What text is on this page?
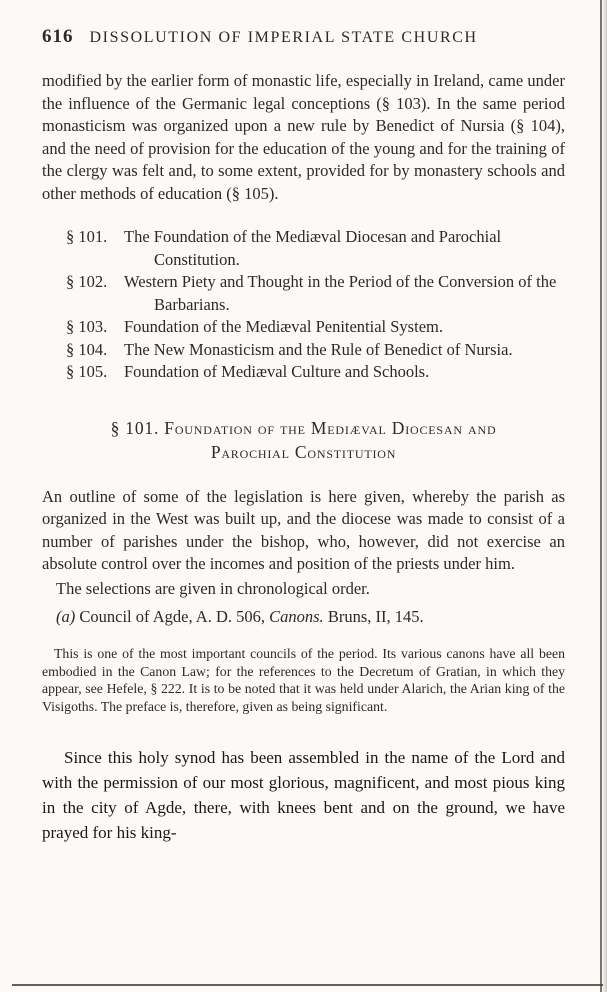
616 DISSOLUTION OF IMPERIAL STATE CHURCH

modified by the earlier form of monastic life, especially in Ireland, came under the influence of the Germanic legal conceptions (§ 103). In the same period monasticism was organized upon a new rule by Benedict of Nursia (§ 104), and the need of provision for the education of the young and for the training of the clergy was felt and, to some extent, provided for by monastery schools and other methods of education (§ 105).

§ 101.	The Foundation of the Mediæval Diocesan and Parochial Constitution.
§ 102.	Western Piety and Thought in the Period of the Conversion of the Barbarians.
§ 103.	Foundation of the Mediæval Penitential System.
§ 104.	The New Monasticism and the Rule of Benedict of Nursia.
§ 105.	Foundation of Mediæval Culture and Schools.
§ 101. Foundation of the Mediæval Diocesan and Parochial Constitution

An outline of some of the legislation is here given, whereby the parish as organized in the West was built up, and the diocese was made to consist of a number of parishes under the bishop, who, however, did not exercise an absolute control over the incomes and position of the priests under him.

The selections are given in chronological order.

(a) Council of Agde, A. D. 506, Canons. Bruns, II, 145.

This is one of the most important councils of the period. Its various canons have all been embodied in the Canon Law; for the references to the Decretum of Gratian, in which they appear, see Hefele, § 222. It is to be noted that it was held under Alarich, the Arian king of the Visigoths. The preface is, therefore, given as being significant.

Since this holy synod has been assembled in the name of the Lord and with the permission of our most glorious, magnificent, and most pious king in the city of Agde, there, with knees bent and on the ground, we have prayed for his king-
